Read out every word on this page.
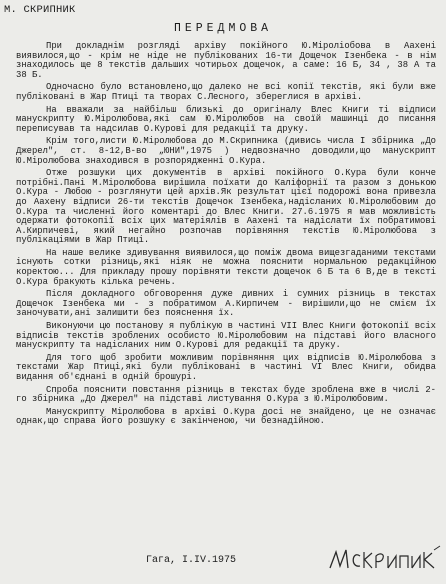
М. СКРИПНИК
ПЕРЕДМОВА

При докладнім розгляді архіву покійного Ю.Міроліобова в Аахені виявилося,що - крім не ніде не публікованих 16-ти Дощечок Ізенбека - в нім знаходилось ще 8 текстів дальших чотирьох дощечок, а саме: 16 Б, 34 , 38 А та 38 Б.

Одночасно було встановлено,що далеко не всі копії текстів, які були вже публіковані в Жар Птиці та творах С.Лесного, збереглися в архіві.

На вважали за найбільш близькі до оригіналу Влес Книги ті відписи манускрипту Ю.Міролюбова,які сам Ю.Міролюбов на своїй машинці до писання переписував та надсилав О.Курові для редакції та друку.

Крім того,листи Ю.Міролюбова до М.Скрипника (дивись числа І збірника „До Джерел", ст. 8-12,В-во „ЮНИ",1975 ) недвозначно доводили,що манускрипт Ю.Міролюбова знаходився в розпорядженні О.Кура.

Отже розшуки цих документів в архіві покійного О.Кура були конче потрібні.Пані М.Міролюбова вирішила поїхати до Каліфорнії та разом з донькою О.Кура - Любою - розглянути цей архів.Як результат цієї подорожі вона привезла до Аахену відписи 26-ти текстів Дощечок Ізенбека,надісланих Ю.Міролюбовим до О.Кура та численні його коментарі до Влес Книги. 27.6.1975 я мав можливість одержати фотокопії всіх цих матеріялів в Аахені та надіслати їх побратимові А.Кирпичеві, який негайно розпочав порівняння текстів Ю.Міролюбова з публікаціями в Жар Птиці.

На наше велике здивування виявилося,що поміж двома вищезгаданими текстами існують сотки різниць,які ніяк не можна пояснити нормальною редакційною коректою... Для прикладу прошу порівняти тексти дощечок 6 Б та 6 В,де в тексті О.Кура бракують кілька речень.

Після докладного обговорення дуже дивних і сумних різниць в текстах Дощечок Ізенбека ми - з побратимом А.Кирпичем - вирішили,що не смієм їх заночувати,ані залишити без пояснення їх.

Виконуючи цю постанову я публікую в частині VII Влес Книги фотокопії всіх відписів текстів зроблених особисто Ю.Міролюбовим на підставі його власного манускрипту та надісланих ним О.Курові для редакції та друку.

Для того щоб зробити можливим порівняння цих відписів Ю.Міролюбова з текстами Жар Птиці,які були публіковані в частині VI Влес Книги, обидва видання об'єднані в одній брошурі.

Спроба пояснити повстання різниць в текстах буде зроблена вже в числі 2-го збірника „До Джерел" на підставі листування О.Кура з Ю.Міролюбовим.

Манускрипту Міролюбова в архіві О.Кура досі не знайдено, це не означає однак,що справа його розшуку є закінченою, чи безнадійною.

Гага, І.ІV.1975
